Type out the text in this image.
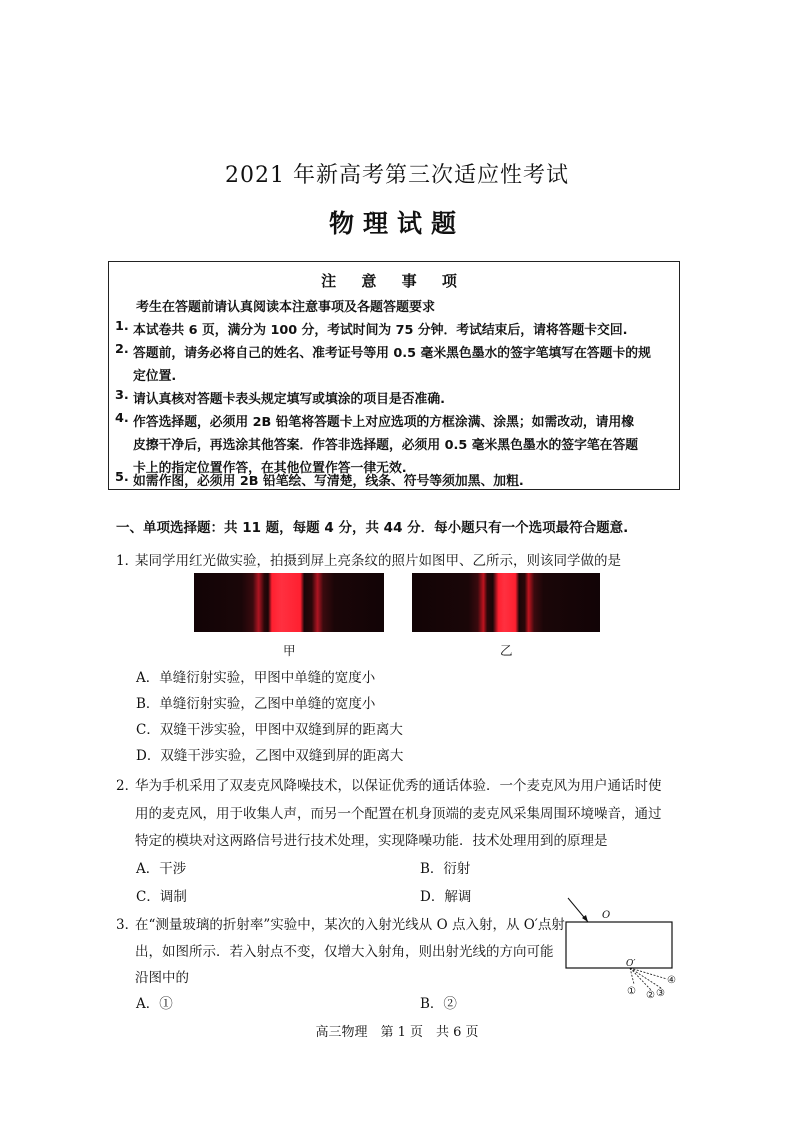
2021 年新高考第三次适应性考试
物理试题
注 意 事 项
考生在答题前请认真阅读本注意事项及各题答题要求
1. 本试卷共 6 页，满分为 100 分，考试时间为 75 分钟．考试结束后，请将答题卡交回.
2. 答题前，请务必将自己的姓名、准考证号等用 0.5 毫米黑色墨水的签字笔填写在答题卡的规
定位置.
3. 请认真核对答题卡表头规定填写或填涂的项目是否准确.
4. 作答选择题，必须用 2B 铅笔将答题卡上对应选项的方框涂满、涂黑；如需改动，请用橡
皮擦干净后，再选涂其他答案．作答非选择题，必须用 0.5 毫米黑色墨水的签字笔在答题
卡上的指定位置作答，在其他位置作答一律无效.
5. 如需作图，必须用 2B 铅笔绘、写清楚，线条、符号等须加黑、加粗.
一、单项选择题：共 11 题，每题 4 分，共 44 分．每小题只有一个选项最符合题意.
1．
某同学用红光做实验，拍摄到屏上亮条纹的照片如图甲、乙所示，则该同学做的是
甲	乙
A．单缝衍射实验，甲图中单缝的宽度小
B．单缝衍射实验，乙图中单缝的宽度小
C．双缝干涉实验，甲图中双缝到屏的距离大
D．双缝干涉实验，乙图中双缝到屏的距离大
2．
华为手机采用了双麦克风降噪技术，以保证优秀的通话体验．一个麦克风为用户通话时使
用的麦克风，用于收集人声，而另一个配置在机身顶端的麦克风采集周围环境噪音，通过
特定的模块对这两路信号进行技术处理，实现降噪功能．技术处理用到的原理是
A．干涉	B．衍射
C．调制	D．解调
3．
在“测量玻璃的折射率”实验中，某次的入射光线从 O 点入射，从 O′点射
出，如图所示．若入射点不变，仅增大入射角，则出射光线的方向可能
沿图中的
A．①	B．②
O
O′
① ② ③
④
高三物理　第 1 页　共 6 页
